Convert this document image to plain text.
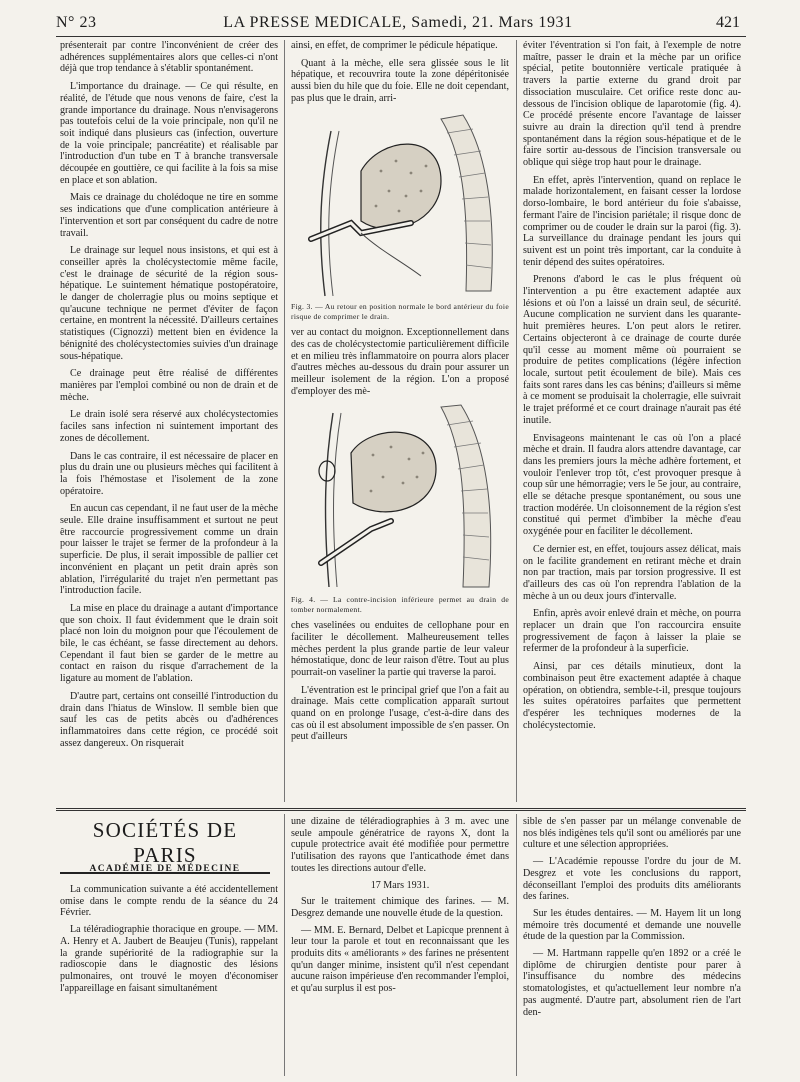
N° 23	LA PRESSE MEDICALE, Samedi, 21. Mars 1931	421

présenterait par contre l'inconvénient de créer des adhérences supplémentaires alors que celles-ci n'ont déjà que trop tendance à s'établir spontanément.

L'importance du drainage. — Ce qui résulte, en réalité, de l'étude que nous venons de faire, c'est la grande importance du drainage. Nous n'envisagerons pas toutefois celui de la voie principale, non qu'il ne soit indiqué dans plusieurs cas (infection, ouverture de la voie principale; pancréatite) et réalisable par l'introduction d'un tube en T à branche transversale découpée en gouttière, ce qui facilite à la fois sa mise en place et son ablation.

Mais ce drainage du cholédoque ne tire en somme ses indications que d'une complication antérieure à l'intervention et sort par conséquent du cadre de notre travail.

Le drainage sur lequel nous insistons, et qui est à conseiller après la cholécystectomie même facile, c'est le drainage de sécurité de la région sous-hépatique. Le suintement hématique postopératoire, le danger de cholerragie plus ou moins septique et qu'aucune technique ne permet d'éviter de façon certaine, en montrent la nécessité. D'ailleurs certaines statistiques (Cignozzi) mettent bien en évidence la bénignité des cholécystectomies suivies d'un drainage sous-hépatique.

Ce drainage peut être réalisé de différentes manières par l'emploi combiné ou non de drain et de mèche.

Le drain isolé sera réservé aux cholécystectomies faciles sans infection ni suintement important des zones de décollement.

Dans le cas contraire, il est nécessaire de placer en plus du drain une ou plusieurs mèches qui facilitent à la fois l'hémostase et l'isolement de la zone opératoire.

En aucun cas cependant, il ne faut user de la mèche seule. Elle draine insuffisamment et surtout ne peut être raccourcie progressivement comme un drain pour laisser le trajet se fermer de la profondeur à la superficie. De plus, il serait impossible de pallier cet inconvénient en plaçant un petit drain après son ablation, l'irrégularité du trajet n'en permettant pas l'introduction facile.

La mise en place du drainage a autant d'importance que son choix. Il faut évidemment que le drain soit placé non loin du moignon pour que l'écoulement de bile, le cas échéant, se fasse directement au dehors. Cependant il faut bien se garder de le mettre au contact en raison du risque d'arrachement de la ligature au moment de l'ablation.

D'autre part, certains ont conseillé l'introduction du drain dans l'hiatus de Winslow. Il semble bien que sauf les cas de petits abcès ou d'adhérences inflammatoires dans cette région, ce procédé soit assez dangereux. On risquerait

ainsi, en effet, de comprimer le pédicule hépatique.

Quant à la mèche, elle sera glissée sous le lit hépatique, et recouvrira toute la zone dépéritonisée aussi bien du hile que du foie. Elle ne doit cependant, pas plus que le drain, arri-

Fig. 3. — Au retour en position normale le bord antérieur du foie risque de comprimer le drain.

ver au contact du moignon. Exceptionnellement dans des cas de cholécystectomie particulièrement difficile et en milieu très inflammatoire on pourra alors placer d'autres mèches au-dessous du drain pour assurer un meilleur isolement de la région. L'on a proposé d'employer des mè-

Fig. 4. — La contre-incision inférieure permet au drain de tomber normalement.

ches vaselinées ou enduites de cellophane pour en faciliter le décollement. Malheureusement telles mèches perdent la plus grande partie de leur valeur hémostatique, donc de leur raison d'être. Tout au plus pourrait-on vaseliner la partie qui traverse la paroi.

L'éventration est le principal grief que l'on a fait au drainage. Mais cette complication apparaît surtout quand on en prolonge l'usage, c'est-à-dire dans des cas où il est absolument impossible de s'en passer. On peut d'ailleurs

éviter l'éventration si l'on fait, à l'exemple de notre maître, passer le drain et la mèche par un orifice spécial, petite boutonnière verticale pratiquée à travers la partie externe du grand droit par dissociation musculaire. Cet orifice reste donc au-dessous de l'incision oblique de laparotomie (fig. 4). Ce procédé présente encore l'avantage de laisser suivre au drain la direction qu'il tend à prendre spontanément dans la région sous-hépatique et de le faire sortir au-dessous de l'incision transversale ou oblique qui siège trop haut pour le drainage.

En effet, après l'intervention, quand on replace le malade horizontalement, en faisant cesser la lordose dorso-lombaire, le bord antérieur du foie s'abaisse, fermant l'aire de l'incision pariétale; il risque donc de comprimer ou de couder le drain sur la paroi (fig. 3). La surveillance du drainage pendant les jours qui suivent est un point très important, car la conduite à tenir dépend des suites opératoires.

Prenons d'abord le cas le plus fréquent où l'intervention a pu être exactement adaptée aux lésions et où l'on a laissé un drain seul, de sécurité. Aucune complication ne survient dans les quarante-huit premières heures. L'on peut alors le retirer. Certains objecteront à ce drainage de courte durée qu'il cesse au moment même où pourraient se produire de petites complications (légère infection locale, surtout petit écoulement de bile). Mais ces faits sont rares dans les cas bénins; d'ailleurs si même à ce moment se produisait la cholerragie, elle suivrait le trajet préformé et ce court drainage n'aurait pas été inutile.

Envisageons maintenant le cas où l'on a placé mèche et drain. Il faudra alors attendre davantage, car dans les premiers jours la mèche adhère fortement, et vouloir l'enlever trop tôt, c'est provoquer presque à coup sûr une hémorragie; vers le 5e jour, au contraire, elle se détache presque spontanément, ou sous une traction modérée. Un cloisonnement de la région s'est constitué qui permet d'imbiber la mèche d'eau oxygénée pour en faciliter le décollement.

Ce dernier est, en effet, toujours assez délicat, mais on le facilite grandement en retirant mèche et drain non par traction, mais par torsion progressive. Il est d'ailleurs des cas où l'on reprendra l'ablation de la mèche à un ou deux jours d'intervalle.

Enfin, après avoir enlevé drain et mèche, on pourra replacer un drain que l'on raccourcira ensuite progressivement de façon à laisser la plaie se refermer de la profondeur à la superficie.

Ainsi, par ces détails minutieux, dont la combinaison peut être exactement adaptée à chaque opération, on obtiendra, semble-t-il, presque toujours les suites opératoires parfaites que permettent d'espérer les techniques modernes de la cholécystectomie.

SOCIÉTÉS DE PARIS
ACADÉMIE DE MÉDECINE

La communication suivante a été accidentellement omise dans le compte rendu de la séance du 24 Février.

La téléradiographie thoracique en groupe. — MM. A. Henry et A. Jaubert de Beaujeu (Tunis), rappelant la grande supériorité de la radiographie sur la radioscopie dans le diagnostic des lésions pulmonaires, ont trouvé le moyen d'économiser l'appareillage en faisant simultanément

une dizaine de téléradiographies à 3 m. avec une seule ampoule génératrice de rayons X, dont la cupule protectrice avait été modifiée pour permettre l'utilisation des rayons que l'anticathode émet dans toutes les directions autour d'elle.

17 Mars 1931.

Sur le traitement chimique des farines. — M. Desgrez demande une nouvelle étude de la question.

— MM. E. Bernard, Delbet et Lapicque prennent à leur tour la parole et tout en reconnaissant que les produits dits « améliorants » des farines ne présentent qu'un danger minime, insistent qu'il n'est cependant aucune raison impérieuse d'en recommander l'emploi, et qu'au surplus il est pos-

sible de s'en passer par un mélange convenable de nos blés indigènes tels qu'il sont ou améliorés par une culture et une sélection appropriées.

— L'Académie repousse l'ordre du jour de M. Desgrez et vote les conclusions du rapport, déconseillant l'emploi des produits dits améliorants des farines.

Sur les études dentaires. — M. Hayem lit un long mémoire très documenté et demande une nouvelle étude de la question par la Commission.

— M. Hartmann rappelle qu'en 1892 or a créé le diplôme de chirurgien dentiste pour parer à l'insuffisance du nombre des médecins stomatologistes, et qu'actuellement leur nombre n'a pas augmenté. D'autre part, absolument rien de l'art den-
